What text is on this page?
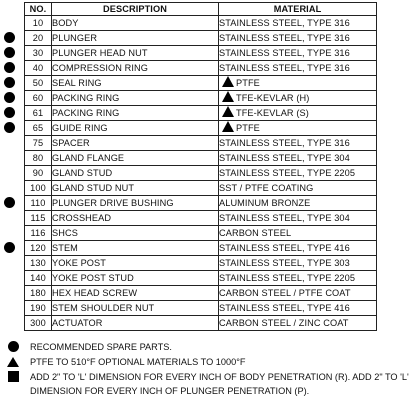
NO.	DESCRIPTION	MATERIAL
10	BODY	STAINLESS STEEL, TYPE 316
20	PLUNGER	STAINLESS STEEL, TYPE 316
30	PLUNGER HEAD NUT	STAINLESS STEEL, TYPE 316
40	COMPRESSION RING	STAINLESS STEEL, TYPE 316
50	SEAL RING	PTFE
60	PACKING RING	TFE-KEVLAR (H)
61	PACKING RING	TFE-KEVLAR (S)
65	GUIDE RING	PTFE
75	SPACER	STAINLESS STEEL, TYPE 316
80	GLAND FLANGE	STAINLESS STEEL, TYPE 304
90	GLAND STUD	STAINLESS STEEL, TYPE 2205
100	GLAND STUD NUT	SST / PTFE COATING
110	PLUNGER DRIVE BUSHING	ALUMINUM BRONZE
115	CROSSHEAD	STAINLESS STEEL, TYPE 304
116	SHCS	CARBON STEEL
120	STEM	STAINLESS STEEL, TYPE 416
130	YOKE POST	STAINLESS STEEL, TYPE 303
140	YOKE POST STUD	STAINLESS STEEL, TYPE 2205
180	HEX HEAD SCREW	CARBON STEEL / PTFE COAT
190	STEM SHOULDER NUT	STAINLESS STEEL, TYPE 416
300	ACTUATOR	CARBON STEEL / ZINC COAT
RECOMMENDED SPARE PARTS.
PTFE TO 510°F OPTIONAL MATERIALS TO 1000°F
ADD 2" TO 'L' DIMENSION FOR EVERY INCH OF BODY PENETRATION (R). ADD 2" TO 'L'
DIMENSION FOR EVERY INCH OF PLUNGER PENETRATION (P).
